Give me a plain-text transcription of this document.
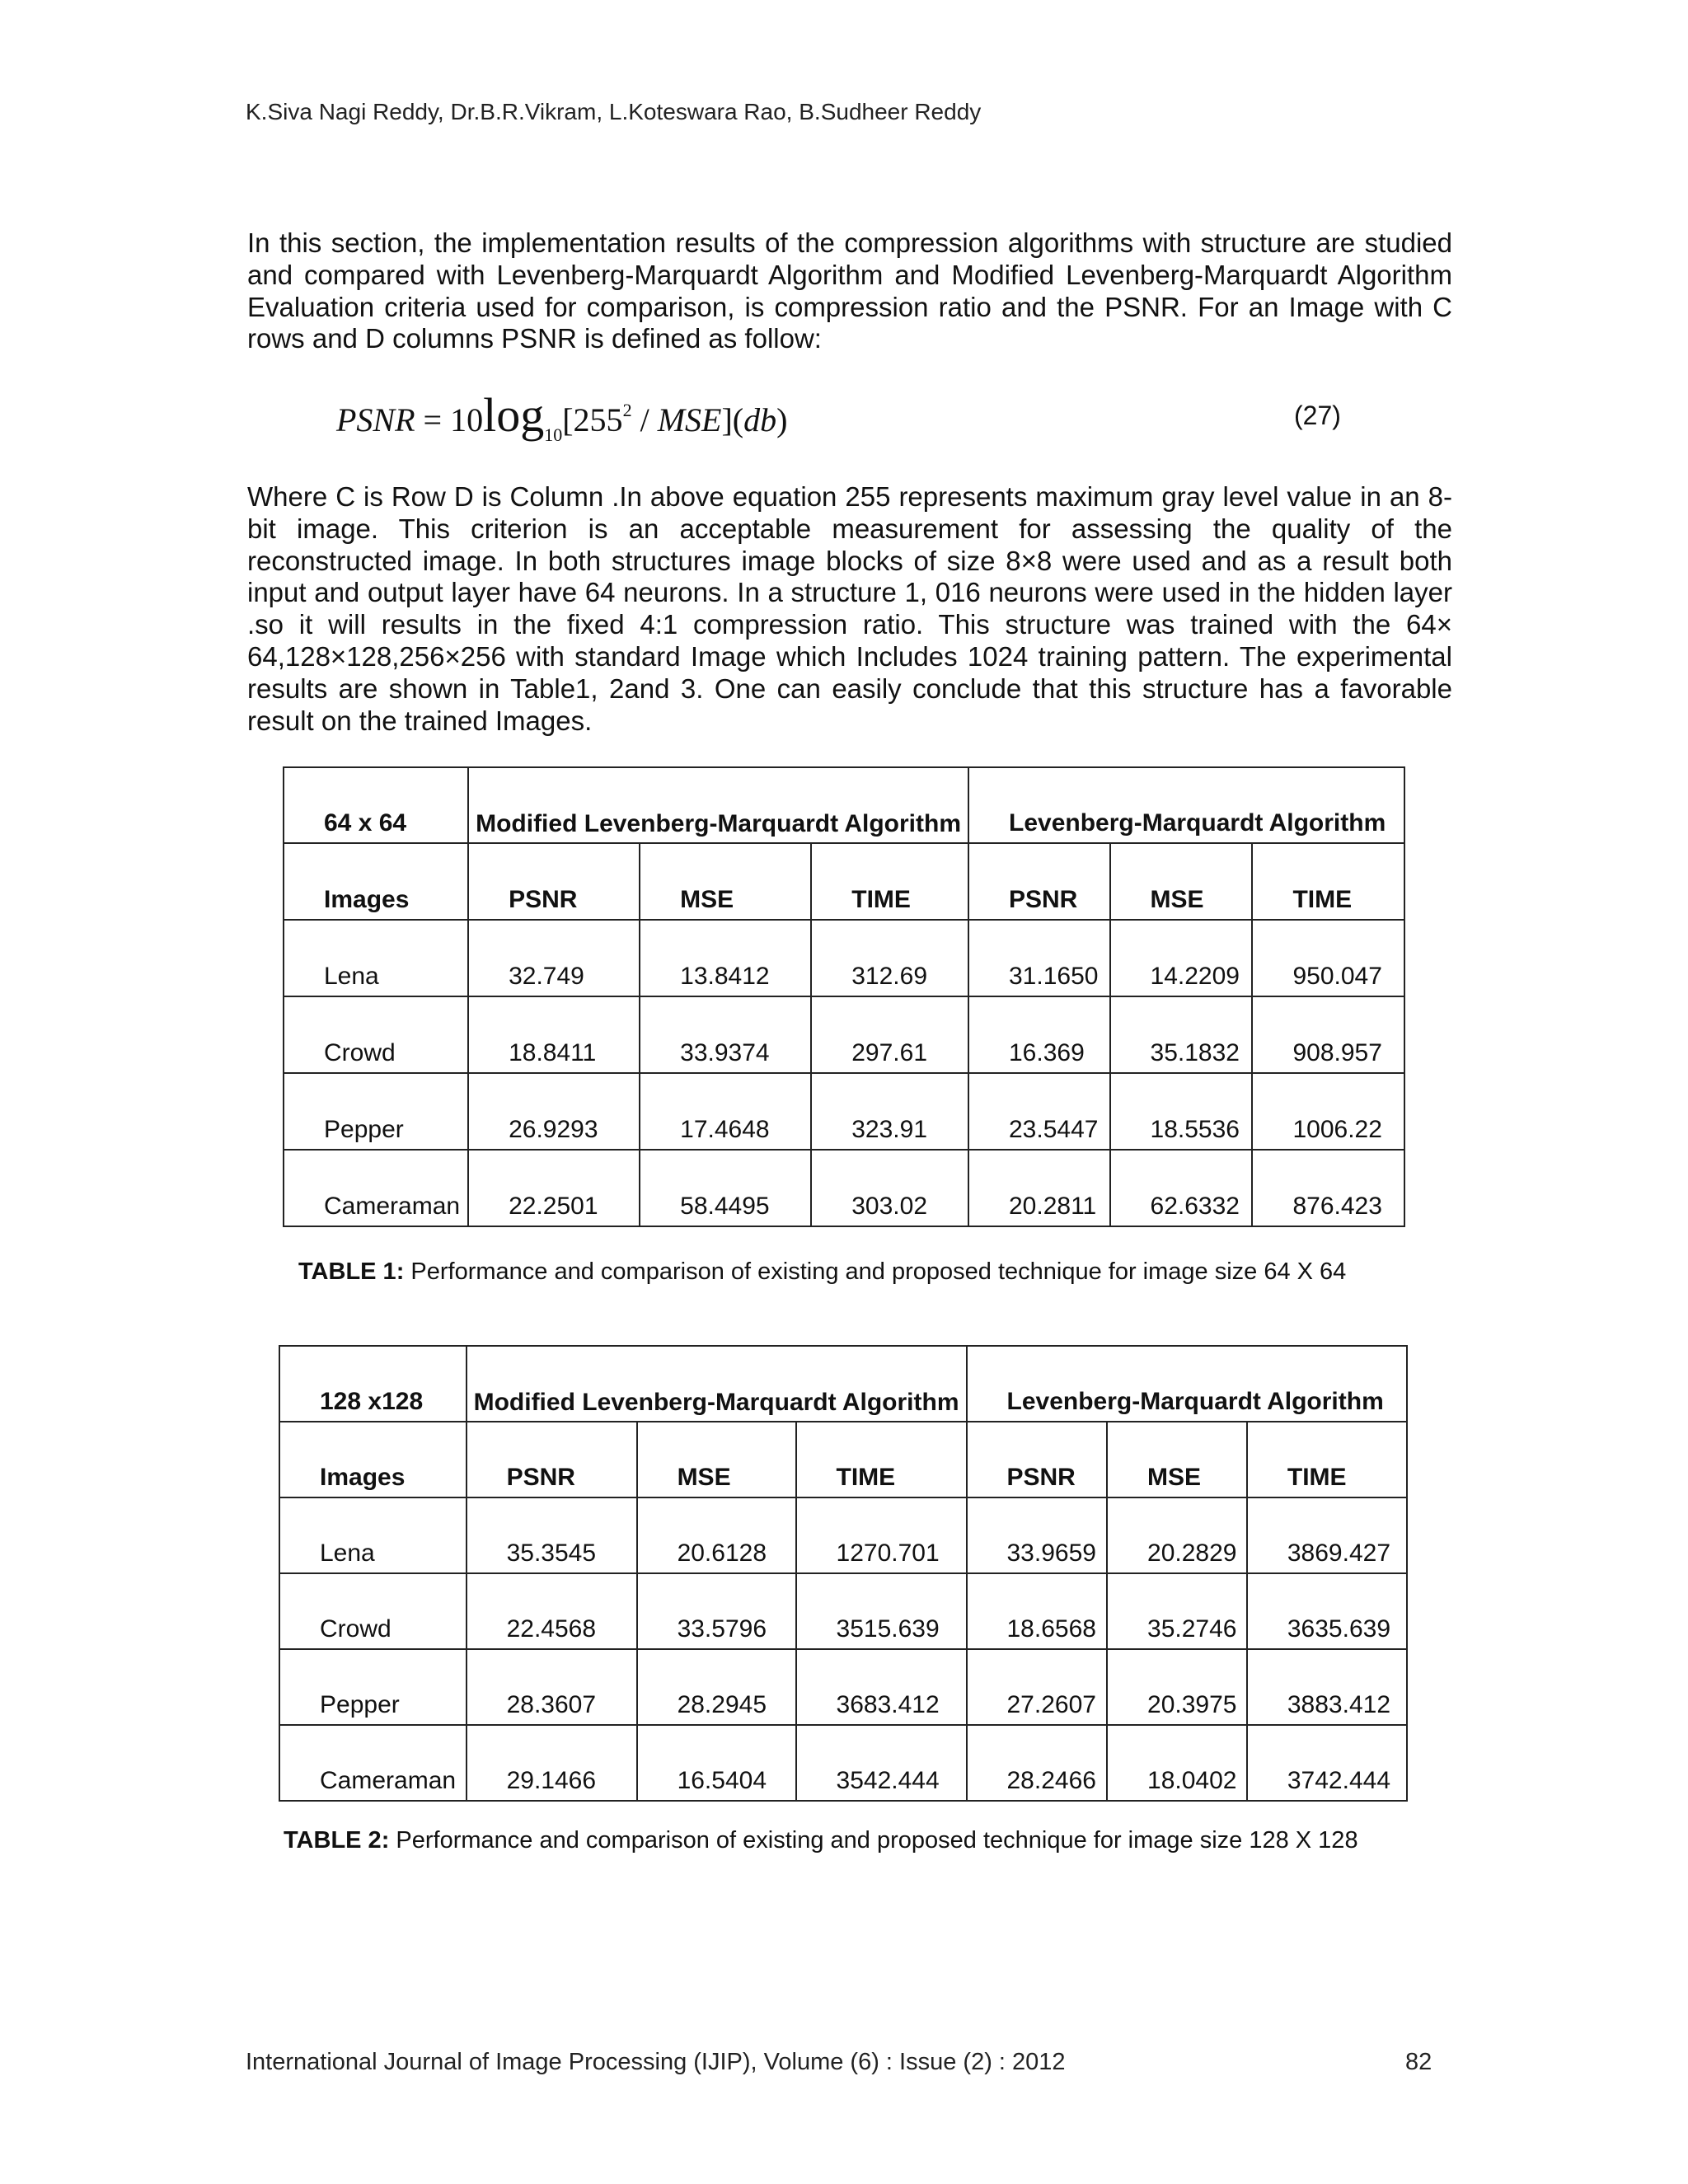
K.Siva Nagi Reddy, Dr.B.R.Vikram, L.Koteswara Rao, B.Sudheer Reddy

In this section, the implementation results of the compression algorithms with structure are studied and compared with Levenberg-Marquardt Algorithm and Modified Levenberg-Marquardt Algorithm Evaluation criteria used for comparison, is compression ratio and the PSNR. For an Image with C rows and D columns PSNR is defined as follow:

PSNR = $10\log_{10}[255^2 / MSE](db)$	(27)

Where C is Row D is Column .In above equation 255 represents maximum gray level value in an 8-bit image. This criterion is an acceptable measurement for assessing the quality of the reconstructed image. In both structures image blocks of size 8×8 were used and as a result both input and output layer have 64 neurons. In a structure 1, 016 neurons were used in the hidden layer .so it will results in the fixed 4:1 compression ratio. This structure was trained with the 64× 64,128×128,256×256 with standard Image which Includes 1024 training pattern. The experimental results are shown in Table1, 2and 3. One can easily conclude that this structure has a favorable result on the trained Images.

64 x 64	Modified Levenberg-Marquardt Algorithm			Levenberg-Marquardt Algorithm		
Images	PSNR	MSE	TIME	PSNR	MSE	TIME
Lena	32.749	13.8412	312.69	31.1650	14.2209	950.047
Crowd	18.8411	33.9374	297.61	16.369	35.1832	908.957
Pepper	26.9293	17.4648	323.91	23.5447	18.5536	1006.22
Cameraman	22.2501	58.4495	303.02	20.2811	62.6332	876.423
TABLE 1: Performance and comparison of existing and proposed technique for image size 64 X 64
128 x128	Modified Levenberg-Marquardt Algorithm			Levenberg-Marquardt Algorithm		
Images	PSNR	MSE	TIME	PSNR	MSE	TIME
Lena	35.3545	20.6128	1270.701	33.9659	20.2829	3869.427
Crowd	22.4568	33.5796	3515.639	18.6568	35.2746	3635.639
Pepper	28.3607	28.2945	3683.412	27.2607	20.3975	3883.412
Cameraman	29.1466	16.5404	3542.444	28.2466	18.0402	3742.444
TABLE 2: Performance and comparison of existing and proposed technique for image size 128 X 128
International Journal of Image Processing (IJIP), Volume (6) : Issue (2) : 2012	82
